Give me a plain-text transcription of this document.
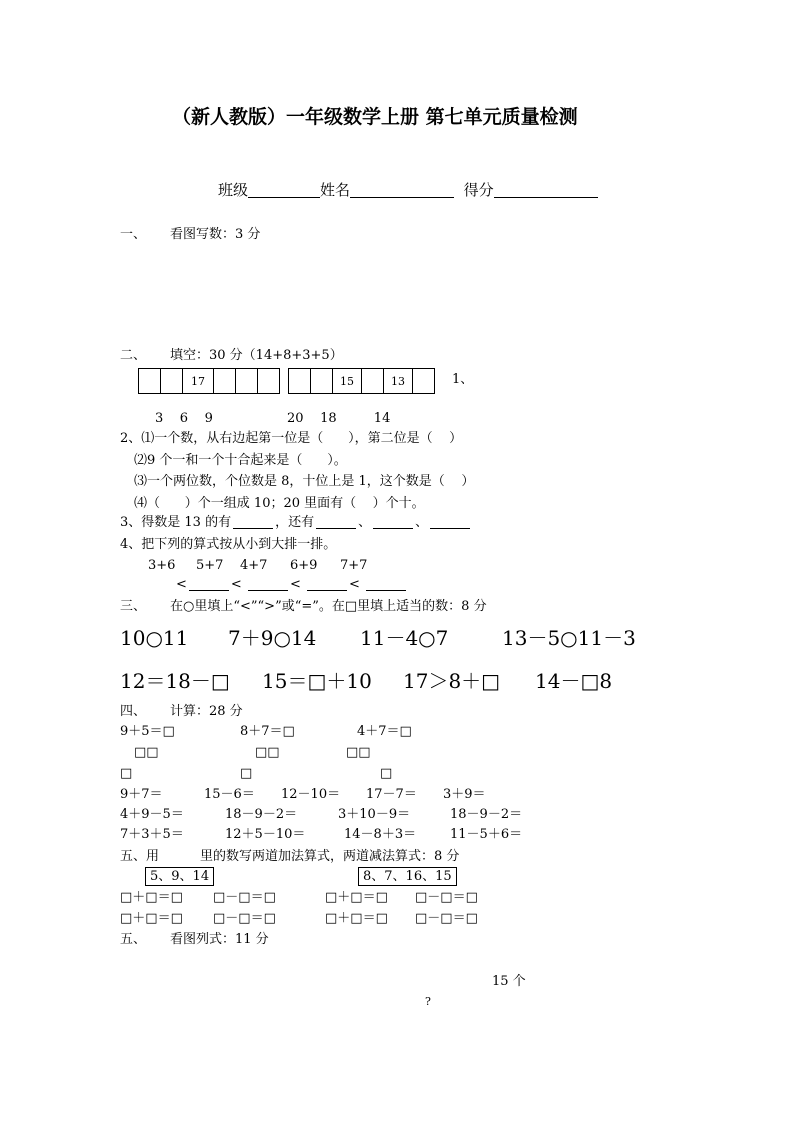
（新人教版）一年级数学上册 第七单元质量检测
班级	姓名	得分
一、 看图写数：3 分
二、 填空：30 分（14+8+3+5）
17	15	13	1、
3    6    9	20    18         14
2、⑴一个数，从右边起第一位是（      ），第二位是（    ）
⑵9 个一和一个十合起来是（      ）。
⑶一个两位数，个位数是 8，十位上是 1，这个数是（    ）
⑷（      ）个一组成 10；20 里面有（    ）个十。
3、得数是 13 的有	，还有	、	、
4、把下列的算式按从小到大排一排。
3+6 5+7 4+7 6+9 7+7
<	<	<	<
三、 在○里填上“<”“>”或“=”。在□里填上适当的数：8 分
10○11 7＋9○14 11－4○7	13－5○11－3
12＝18－□ 15＝□＋10 17＞8＋□ 14－□8
四、 计算：28 分
9＋5＝□	8＋7＝□	4＋7＝□
□□	□□	□□
□	□	□
9＋7＝	15－6＝ 12－10＝ 17－7＝ 3＋9＝
4＋9－5＝	18－9－2＝	3＋10－9＝	18－9－2＝
7＋3＋5＝	12＋5－10＝	14－8＋3＝	11－5＋6＝
五、用	里的数写两道加法算式，两道减法算式：8 分
5、9、14	8、7、16、15
□＋□＝□ □－□＝□	□＋□＝□ □－□＝□
□＋□＝□ □－□＝□	□＋□＝□ □－□＝□
五、 看图列式：11 分
15 个
?
